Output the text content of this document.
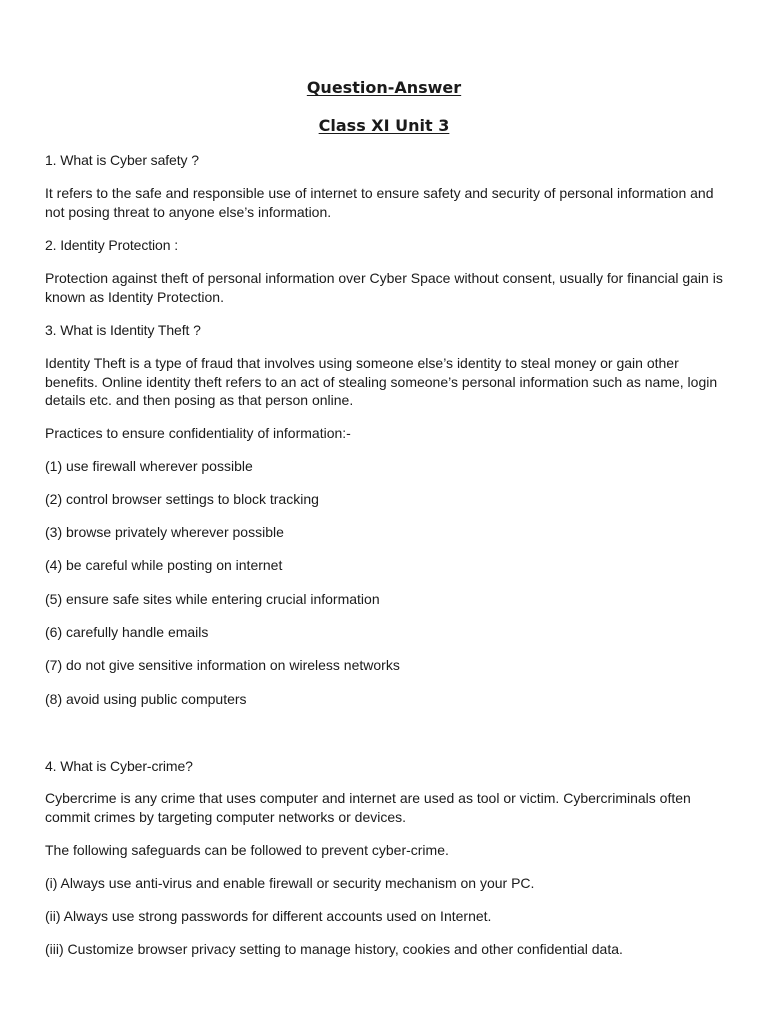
Question-Answer
Class XI Unit 3
1. What is Cyber safety ?
It refers to the safe and responsible use of internet to ensure safety and security of personal information and not posing threat to anyone else’s information.
2. Identity Protection :
Protection against theft of personal information over Cyber Space without consent, usually for financial gain is known as Identity Protection.
3. What is Identity Theft ?
Identity Theft is a type of fraud that involves using someone else’s identity to steal money or gain other benefits. Online identity theft refers to an act of stealing someone’s personal information such as name, login details etc. and then posing as that person online.
Practices to ensure confidentiality of information:-
(1) use firewall wherever possible
(2) control browser settings to block tracking
(3) browse privately wherever possible
(4) be careful while posting on internet
(5) ensure safe sites while entering crucial information
(6) carefully handle emails
(7) do not give sensitive information on wireless networks
(8) avoid using public computers
4. What is Cyber-crime?
Cybercrime is any crime that uses computer and internet are used as tool or victim. Cybercriminals often commit crimes by targeting computer networks or devices.
The following safeguards can be followed to prevent cyber-crime.
(i) Always use anti-virus and enable firewall or security mechanism on your PC.
(ii) Always use strong passwords for different accounts used on Internet.
(iii) Customize browser privacy setting to manage history, cookies and other confidential data.
